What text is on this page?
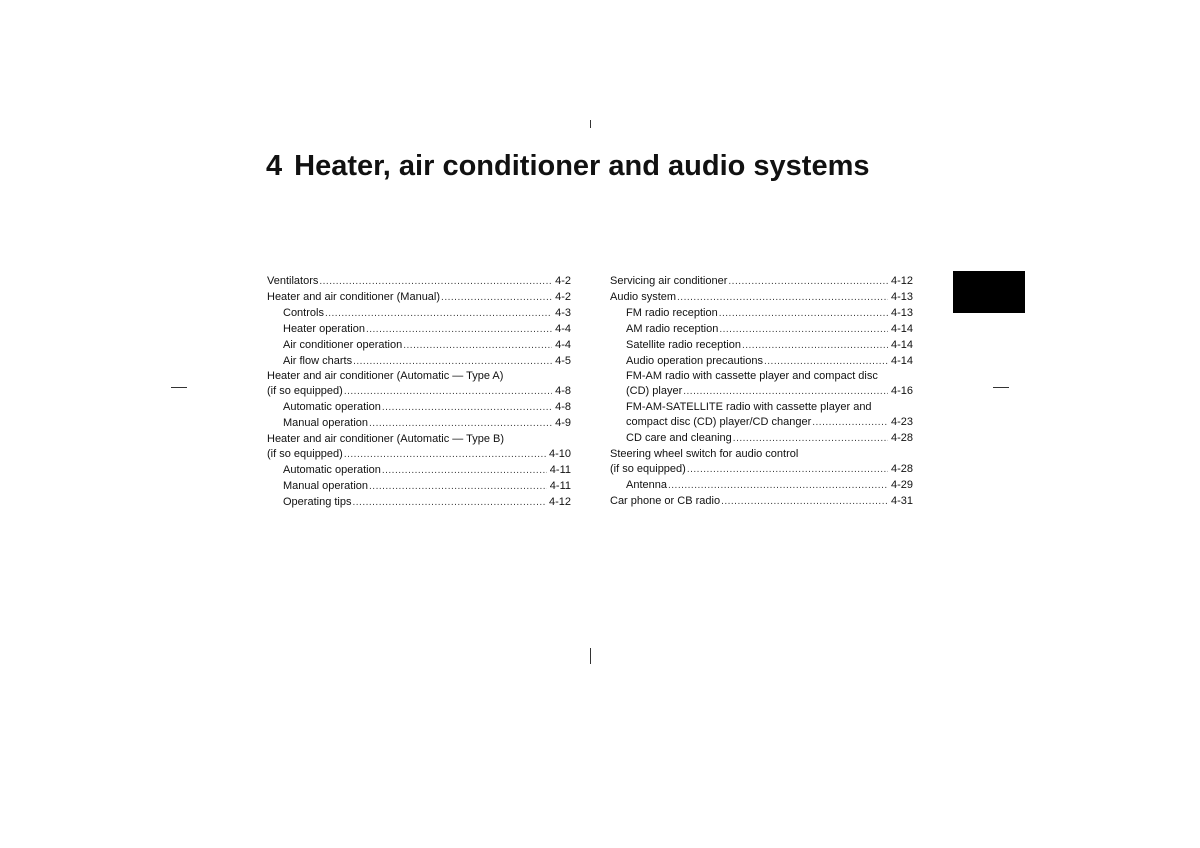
4 Heater, air conditioner and audio systems
Ventilators .....	4-2
Heater and air conditioner (Manual) .....	4-2
Controls .....	4-3
Heater operation .....	4-4
Air conditioner operation .....	4-4
Air flow charts .....	4-5
Heater and air conditioner (Automatic — Type A)
(if so equipped) .....	4-8
Automatic operation .....	4-8
Manual operation .....	4-9
Heater and air conditioner (Automatic — Type B)
(if so equipped) .....	4-10
Automatic operation .....	4-11
Manual operation .....	4-11
Operating tips .....	4-12
Servicing air conditioner .....	4-12
Audio system .....	4-13
FM radio reception .....	4-13
AM radio reception .....	4-14
Satellite radio reception .....	4-14
Audio operation precautions .....	4-14
FM-AM radio with cassette player and compact disc
(CD) player .....	4-16
FM-AM-SATELLITE radio with cassette player and
compact disc (CD) player/CD changer .....	4-23
CD care and cleaning .....	4-28
Steering wheel switch for audio control
(if so equipped) .....	4-28
Antenna .....	4-29
Car phone or CB radio .....	4-31
